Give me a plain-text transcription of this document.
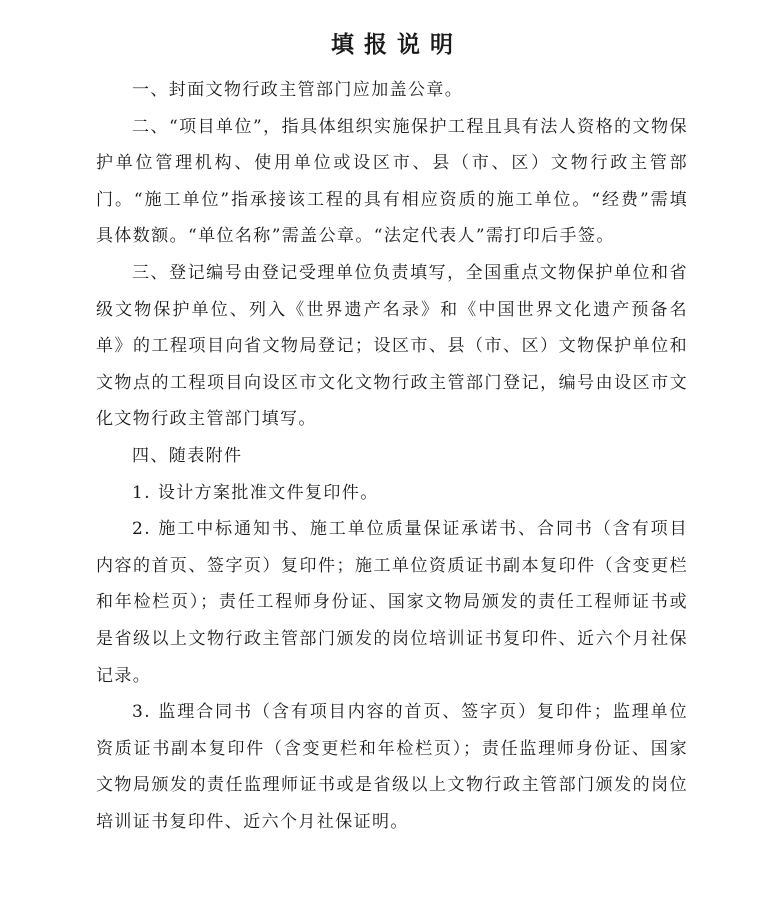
填报说明

一、封面文物行政主管部门应加盖公章。

二、“项目单位”，指具体组织实施保护工程且具有法人资格的文物保护单位管理机构、使用单位或设区市、县（市、区）文物行政主管部门。“施工单位”指承接该工程的具有相应资质的施工单位。“经费”需填具体数额。“单位名称”需盖公章。“法定代表人”需打印后手签。

三、登记编号由登记受理单位负责填写，全国重点文物保护单位和省级文物保护单位、列入《世界遗产名录》和《中国世界文化遗产预备名单》的工程项目向省文物局登记；设区市、县（市、区）文物保护单位和文物点的工程项目向设区市文化文物行政主管部门登记，编号由设区市文化文物行政主管部门填写。

四、随表附件

1. 设计方案批准文件复印件。

2. 施工中标通知书、施工单位质量保证承诺书、合同书（含有项目内容的首页、签字页）复印件；施工单位资质证书副本复印件（含变更栏和年检栏页）；责任工程师身份证、国家文物局颁发的责任工程师证书或是省级以上文物行政主管部门颁发的岗位培训证书复印件、近六个月社保记录。

3. 监理合同书（含有项目内容的首页、签字页）复印件；监理单位资质证书副本复印件（含变更栏和年检栏页）；责任监理师身份证、国家文物局颁发的责任监理师证书或是省级以上文物行政主管部门颁发的岗位培训证书复印件、近六个月社保证明。
